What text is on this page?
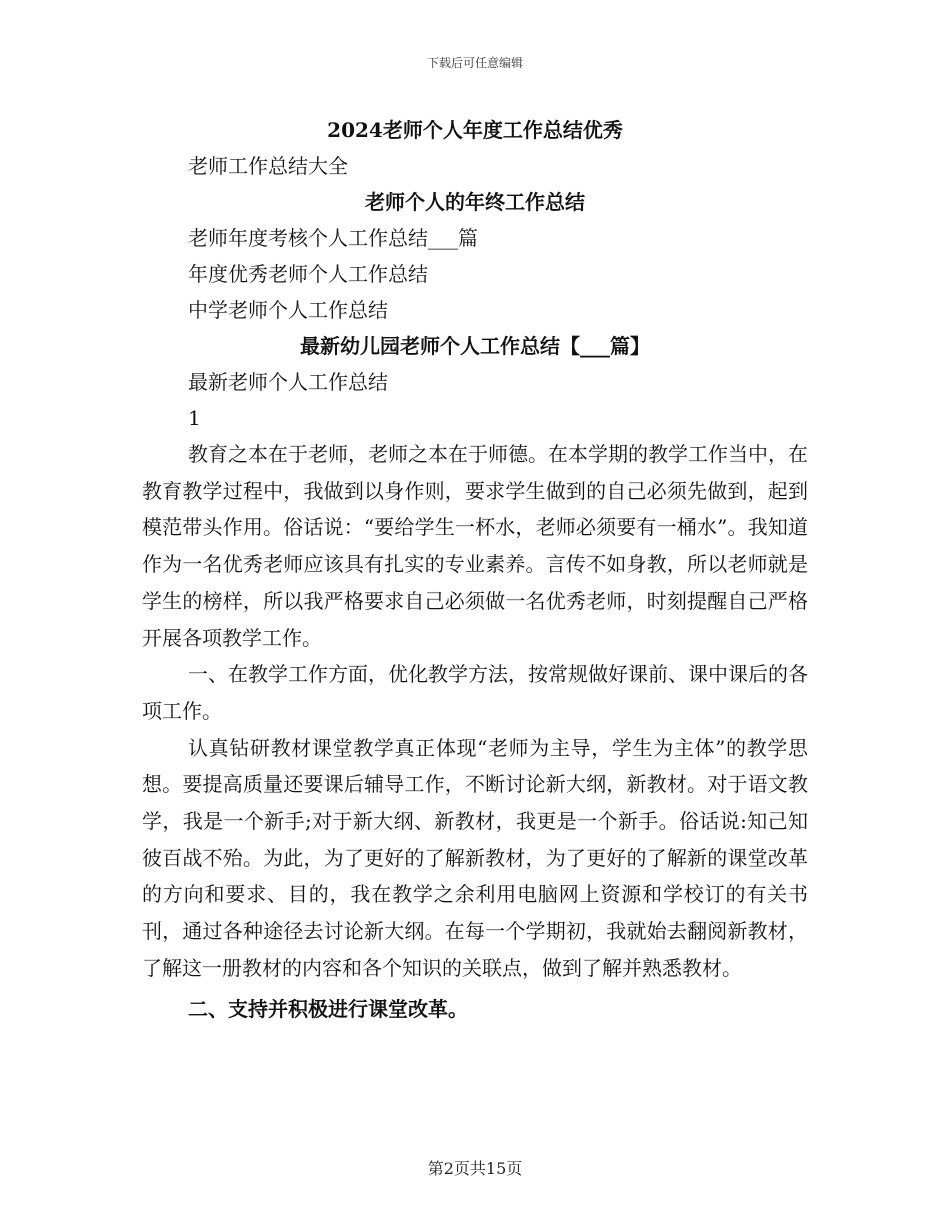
下载后可任意编辑

2024老师个人年度工作总结优秀

老师工作总结大全

老师个人的年终工作总结

老师年度考核个人工作总结___篇

年度优秀老师个人工作总结

中学老师个人工作总结

最新幼儿园老师个人工作总结【___篇】

最新老师个人工作总结

1

教育之本在于老师，老师之本在于师德。在本学期的教学工作当中，在教育教学过程中，我做到以身作则，要求学生做到的自己必须先做到，起到模范带头作用。俗话说：“要给学生一杯水，老师必须要有一桶水”。我知道作为一名优秀老师应该具有扎实的专业素养。言传不如身教，所以老师就是学生的榜样，所以我严格要求自己必须做一名优秀老师，时刻提醒自己严格开展各项教学工作。

一、在教学工作方面，优化教学方法，按常规做好课前、课中课后的各项工作。

认真钻研教材课堂教学真正体现“老师为主导，学生为主体”的教学思想。要提高质量还要课后辅导工作，不断讨论新大纲，新教材。对于语文教学，我是一个新手;对于新大纲、新教材，我更是一个新手。俗话说:知己知彼百战不殆。为此，为了更好的了解新教材，为了更好的了解新的课堂改革的方向和要求、目的，我在教学之余利用电脑网上资源和学校订的有关书刊，通过各种途径去讨论新大纲。在每一个学期初，我就始去翻阅新教材，了解这一册教材的内容和各个知识的关联点，做到了解并熟悉教材。

二、支持并积极进行课堂改革。

第2页共15页
